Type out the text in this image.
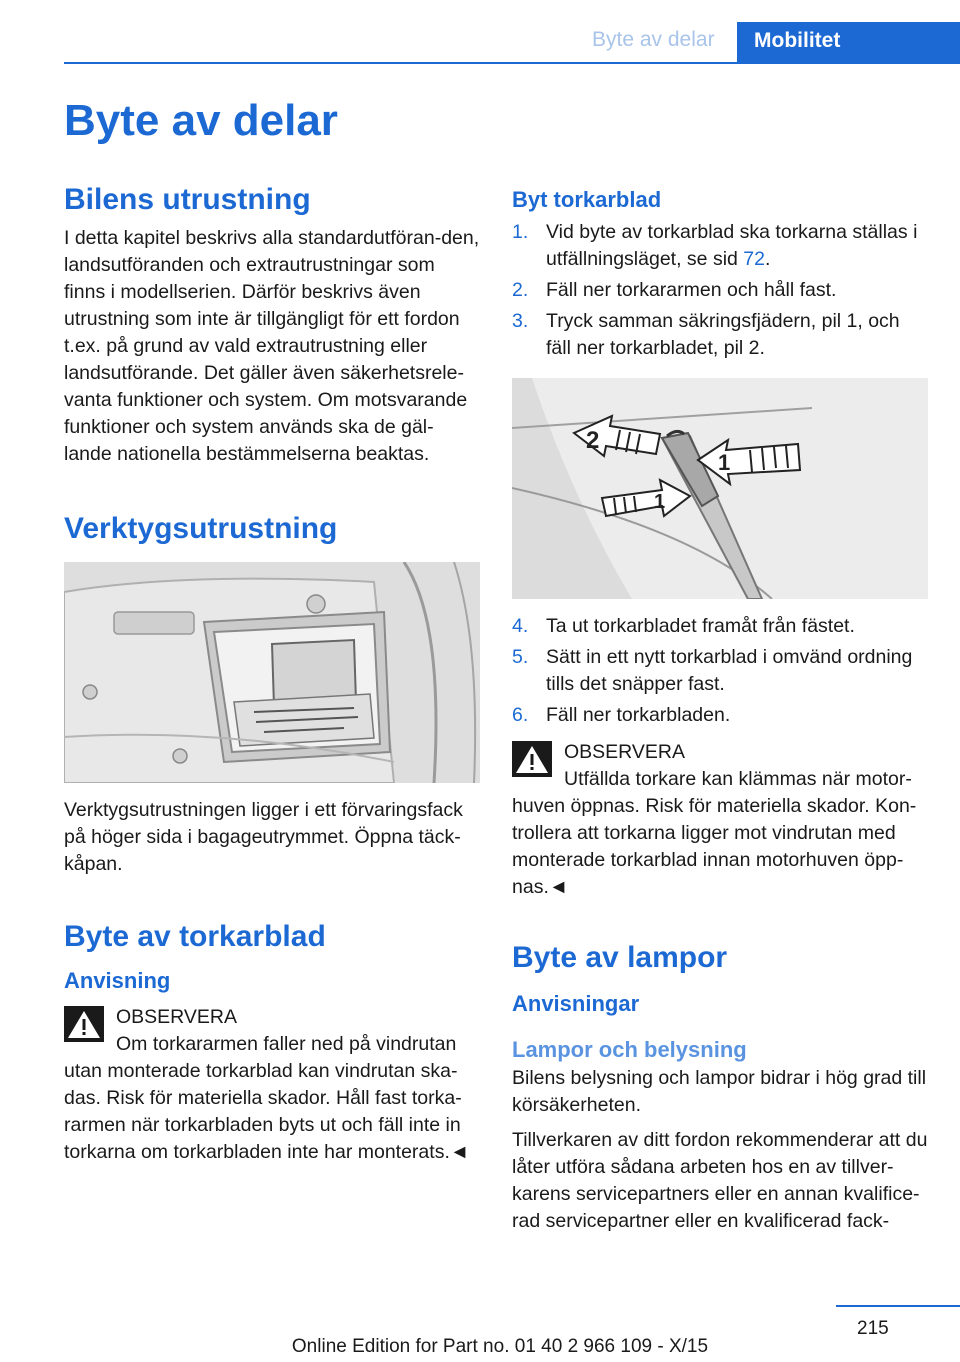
Byte av delar	Mobilitet
Byte av delar
Bilens utrustning

I detta kapitel beskrivs alla standardutföran-den, landsutföranden och extrautrustningar som finns i modellserien. Därför beskrivs även utrustning som inte är tillgängligt för ett fordon t.ex. på grund av vald extrautrustning eller landsutförande. Det gäller även säkerhetsrele-vanta funktioner och system. Om motsvarande funktioner och system används ska de gäl-lande nationella bestämmelserna beaktas.

Verktygsutrustning

Verktygsutrustningen ligger i ett förvaringsfack på höger sida i bagageutrymmet. Öppna täck-kåpan.

Byte av torkarblad
Anvisning
OBSERVERA

Om torkararmen faller ned på vindrutan utan monterade torkarblad kan vindrutan ska-das. Risk för materiella skador. Håll fast torka-rarmen när torkarbladen byts ut och fäll inte in torkarna om torkarbladen inte har monterats.◄

Byt torkarblad
1. Vid byte av torkarblad ska torkarna ställas i utfällningsläget, se sid 72.
2. Fäll ner torkararmen och håll fast.
3. Tryck samman säkringsfjädern, pil 1, och fäll ner torkarbladet, pil 2.
2
1
1
4. Ta ut torkarbladet framåt från fästet.
5. Sätt in ett nytt torkarblad i omvänd ordning tills det snäpper fast.
6. Fäll ner torkarbladen.
OBSERVERA

Utfällda torkare kan klämmas när motor-huven öppnas. Risk för materiella skador. Kon-trollera att torkarna ligger mot vindrutan med monterade torkarblad innan motorhuven öpp-nas.◄

Byte av lampor
Anvisningar
Lampor och belysning

Bilens belysning och lampor bidrar i hög grad till körsäkerheten.

Tillverkaren av ditt fordon rekommenderar att du låter utföra sådana arbeten hos en av tillver-karens servicepartners eller en annan kvalifice-rad servicepartner eller en kvalificerad fack-

215
Online Edition for Part no. 01 40 2 966 109 - X/15
